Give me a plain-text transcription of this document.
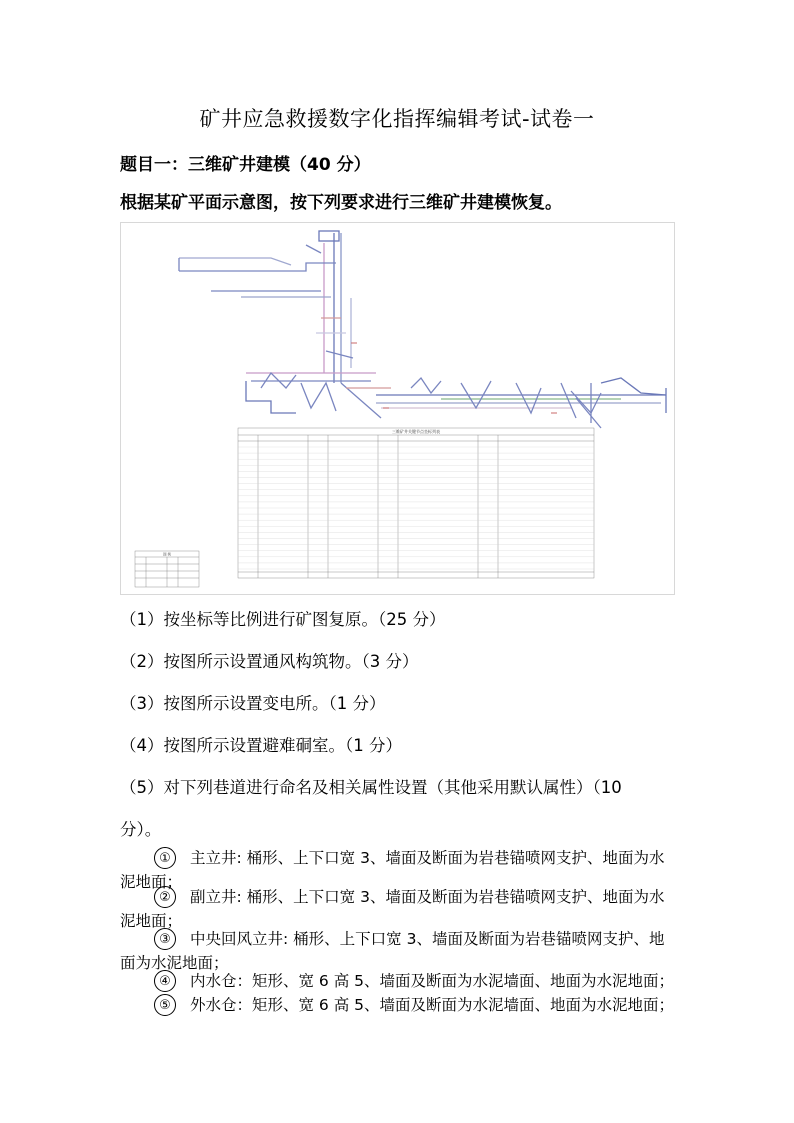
矿井应急救援数字化指挥编辑考试-试卷一
题目一：三维矿井建模（40 分）
根据某矿平面示意图，按下列要求进行三维矿井建模恢复。
三维矿井关键节点坐标列表
图 例
（1）按坐标等比例进行矿图复原。（25 分）
（2）按图所示设置通风构筑物。（3 分）
（3）按图所示设置变电所。（1 分）
（4）按图所示设置避难硐室。（1 分）
（5）对下列巷道进行命名及相关属性设置（其他采用默认属性）（10
分）。
① 主立井: 桶形、上下口宽 3、墙面及断面为岩巷锚喷网支护、地面为水
泥地面；
② 副立井: 桶形、上下口宽 3、墙面及断面为岩巷锚喷网支护、地面为水
泥地面；
③ 中央回风立井: 桶形、上下口宽 3、墙面及断面为岩巷锚喷网支护、地
面为水泥地面；
④ 内水仓：矩形、宽 6 高 5、墙面及断面为水泥墙面、地面为水泥地面；
⑤ 外水仓：矩形、宽 6 高 5、墙面及断面为水泥墙面、地面为水泥地面；
